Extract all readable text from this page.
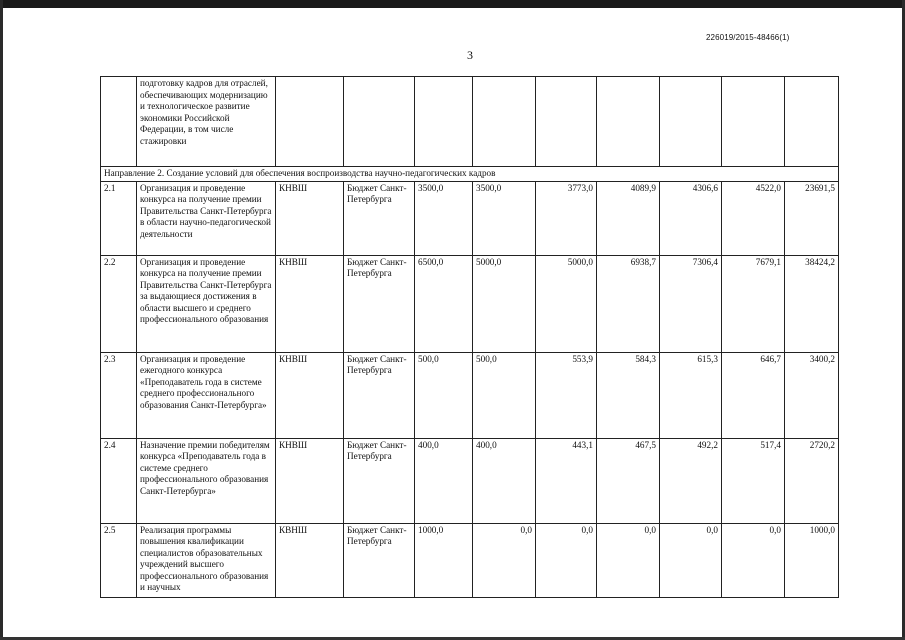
226019/2015-48466(1)
3
	подготовку кадров для отраслей, обеспечивающих модернизацию и технологическое развитие экономики Российской Федерации, в том числе стажировки									
Направление 2. Создание условий для обеспечения воспроизводства научно-педагогических кадров										
2.1	Организация и проведение конкурса на получение премии Правительства Санкт-Петербурга в области научно-педагогической деятельности	КНВШ	Бюджет Санкт-Петербурга	3500,0	3500,0	3773,0	4089,9	4306,6	4522,0	23691,5
2.2	Организация и проведение конкурса на получение премии Правительства Санкт-Петербурга за выдающиеся достижения в области высшего и среднего профессионального образования	КНВШ	Бюджет Санкт-Петербурга	6500,0	5000,0	5000,0	6938,7	7306,4	7679,1	38424,2
2.3	Организация и проведение ежегодного конкурса «Преподаватель года в системе среднего профессионального образования Санкт-Петербурга»	КНВШ	Бюджет Санкт-Петербурга	500,0	500,0	553,9	584,3	615,3	646,7	3400,2
2.4	Назначение премии победителям конкурса «Преподаватель года в системе среднего профессионального образования Санкт-Петербурга»	КНВШ	Бюджет Санкт-Петербурга	400,0	400,0	443,1	467,5	492,2	517,4	2720,2
2.5	Реализация программы повышения квалификации специалистов образовательных учреждений высшего профессионального образования и научных	КВНШ	Бюджет Санкт-Петербурга	1000,0	0,0	0,0	0,0	0,0	0,0	1000,0
